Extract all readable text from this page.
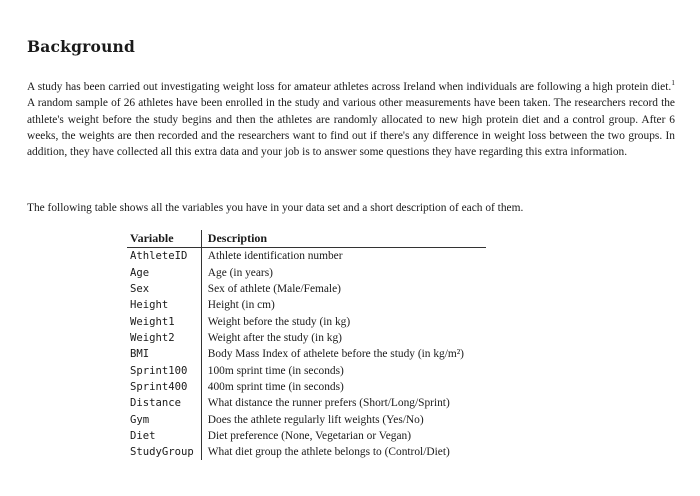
Background

A study has been carried out investigating weight loss for amateur athletes across Ireland when individuals are following a high protein diet.$^1$ A random sample of 26 athletes have been enrolled in the study and various other measurements have been taken. The researchers record the athlete's weight before the study begins and then the athletes are randomly allocated to new high protein diet and a control group. After 6 weeks, the weights are then recorded and the researchers want to find out if there's any difference in weight loss between the two groups. In addition, they have collected all this extra data and your job is to answer some questions they have regarding this extra information.

The following table shows all the variables you have in your data set and a short description of each of them.

Variable	Description
AthleteID	Athlete identification number
Age	Age (in years)
Sex	Sex of athlete (Male/Female)
Height	Height (in cm)
Weight1	Weight before the study (in kg)
Weight2	Weight after the study (in kg)
BMI	Body Mass Index of athelete before the study (in kg/m²)
Sprint100	100m sprint time (in seconds)
Sprint400	400m sprint time (in seconds)
Distance	What distance the runner prefers (Short/Long/Sprint)
Gym	Does the athlete regularly lift weights (Yes/No)
Diet	Diet preference (None, Vegetarian or Vegan)
StudyGroup	What diet group the athlete belongs to (Control/Diet)
